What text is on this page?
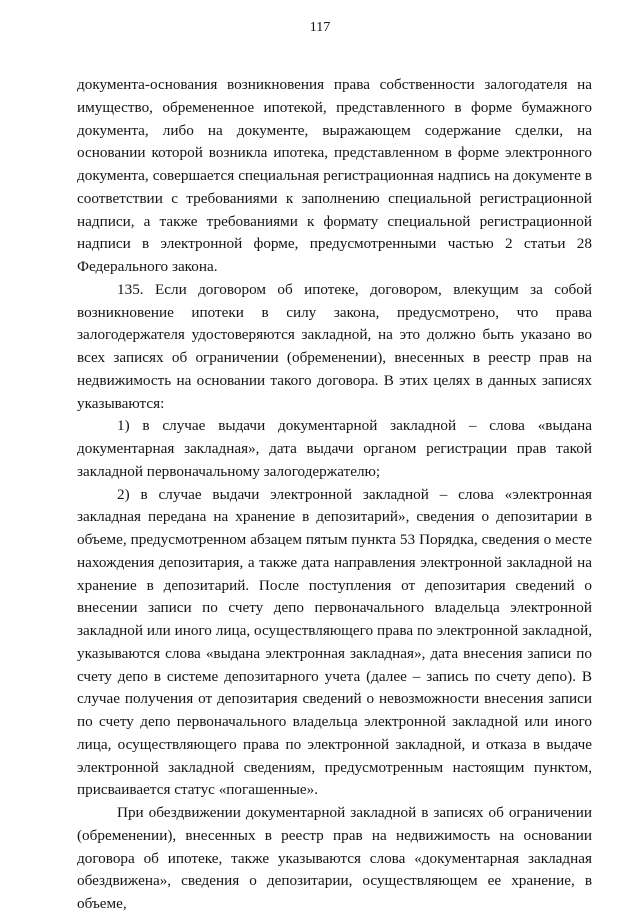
117

документа-основания возникновения права собственности залогодателя на имущество, обремененное ипотекой, представленного в форме бумажного документа, либо на документе, выражающем содержание сделки, на основании которой возникла ипотека, представленном в форме электронного документа, совершается специальная регистрационная надпись на документе в соответствии с требованиями к заполнению специальной регистрационной надписи, а также требованиями к формату специальной регистрационной надписи в электронной форме, предусмотренными частью 2 статьи 28 Федерального закона.

135. Если договором об ипотеке, договором, влекущим за собой возникновение ипотеки в силу закона, предусмотрено, что права залогодержателя удостоверяются закладной, на это должно быть указано во всех записях об ограничении (обременении), внесенных в реестр прав на недвижимость на основании такого договора. В этих целях в данных записях указываются:

1) в случае выдачи документарной закладной – слова «выдана документарная закладная», дата выдачи органом регистрации прав такой закладной первоначальному залогодержателю;

2) в случае выдачи электронной закладной – слова «электронная закладная передана на хранение в депозитарий», сведения о депозитарии в объеме, предусмотренном абзацем пятым пункта 53 Порядка, сведения о месте нахождения депозитария, а также дата направления электронной закладной на хранение в депозитарий. После поступления от депозитария сведений о внесении записи по счету депо первоначального владельца электронной закладной или иного лица, осуществляющего права по электронной закладной, указываются слова «выдана электронная закладная», дата внесения записи по счету депо в системе депозитарного учета (далее – запись по счету депо). В случае получения от депозитария сведений о невозможности внесения записи по счету депо первоначального владельца электронной закладной или иного лица, осуществляющего права по электронной закладной, и отказа в выдаче электронной закладной сведениям, предусмотренным настоящим пунктом, присваивается статус «погашенные».

При обездвижении документарной закладной в записях об ограничении (обременении), внесенных в реестр прав на недвижимость на основании договора об ипотеке, также указываются слова «документарная закладная обездвижена», сведения о депозитарии, осуществляющем ее хранение, в объеме,
